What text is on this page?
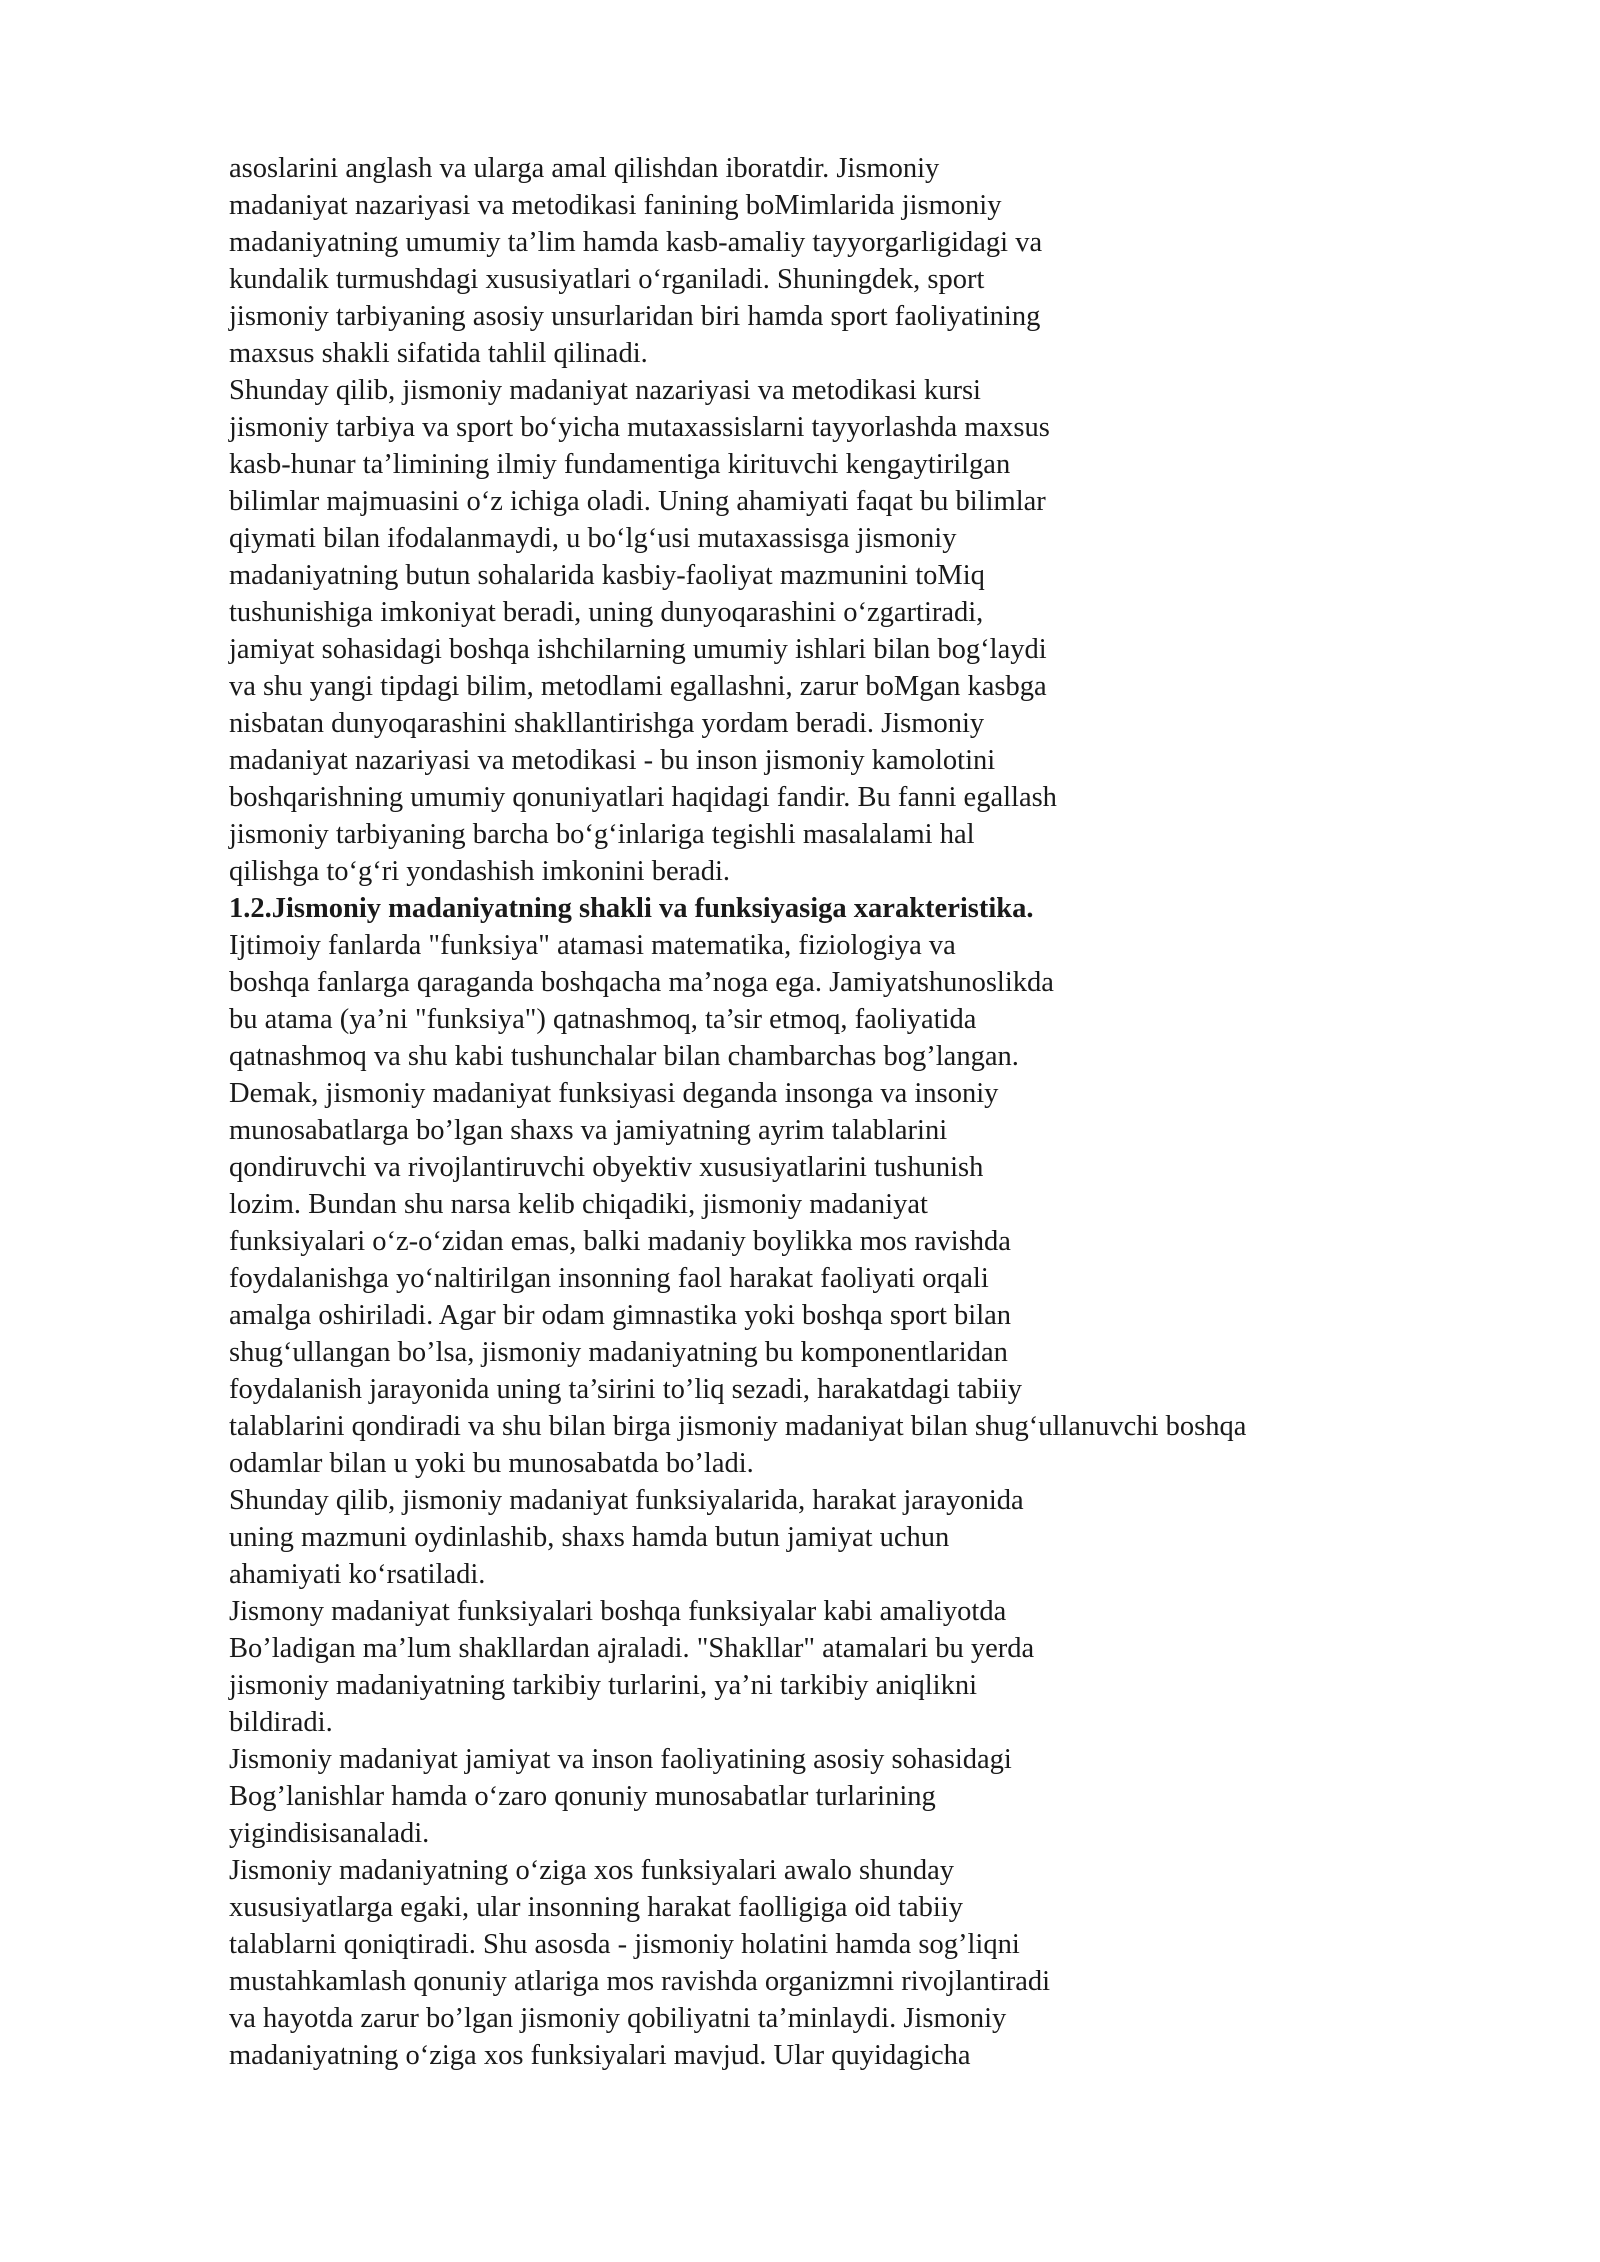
asoslarini anglash va ularga amal qilishdan iboratdir. Jismoniy
madaniyat nazariyasi va metodikasi fanining boMimlarida jismoniy
madaniyatning umumiy ta’lim hamda kasb-amaliy tayyorgarligidagi va
kundalik turmushdagi xususiyatlari o‘rganiladi. Shuningdek, sport
jismoniy tarbiyaning asosiy unsurlaridan biri hamda sport faoliyatining
maxsus shakli sifatida tahlil qilinadi.
Shunday qilib, jismoniy madaniyat nazariyasi va metodikasi kursi
jismoniy tarbiya va sport bo‘yicha mutaxassislarni tayyorlashda maxsus
kasb-hunar ta’limining ilmiy fundamentiga kirituvchi kengaytirilgan
bilimlar majmuasini o‘z ichiga oladi. Uning ahamiyati faqat bu bilimlar
qiymati bilan ifodalanmaydi, u bo‘lg‘usi mutaxassisga jismoniy
madaniyatning butun sohalarida kasbiy-faoliyat mazmunini toMiq
tushunishiga imkoniyat beradi, uning dunyoqarashini o‘zgartiradi,
jamiyat sohasidagi boshqa ishchilarning umumiy ishlari bilan bog‘laydi
va shu yangi tipdagi bilim, metodlami egallashni, zarur boMgan kasbga
nisbatan dunyoqarashini shakllantirishga yordam beradi. Jismoniy
madaniyat nazariyasi va metodikasi - bu inson jismoniy kamolotini
boshqarishning umumiy qonuniyatlari haqidagi fandir. Bu fanni egallash
jismoniy tarbiyaning barcha bo‘g‘inlariga tegishli masalalami hal
qilishga to‘g‘ri yondashish imkonini beradi.
1.2.Jismoniy madaniyatning shakli va funksiyasiga xarakteristika.
Ijtimoiy fanlarda "funksiya" atamasi matematika, fiziologiya va
boshqa fanlarga qaraganda boshqacha ma’noga ega. Jamiyatshunoslikda
bu atama (ya’ni "funksiya") qatnashmoq, ta’sir etmoq, faoliyatida
qatnashmoq va shu kabi tushunchalar bilan chambarchas bog’langan.
Demak, jismoniy madaniyat funksiyasi deganda insonga va insoniy
munosabatlarga bo’lgan shaxs va jamiyatning ayrim talablarini
qondiruvchi va rivojlantiruvchi obyektiv xususiyatlarini tushunish
lozim. Bundan shu narsa kelib chiqadiki, jismoniy madaniyat
funksiyalari o‘z-o‘zidan emas, balki madaniy boylikka mos ravishda
foydalanishga yo‘naltirilgan insonning faol harakat faoliyati orqali
amalga oshiriladi. Agar bir odam gimnastika yoki boshqa sport bilan
shug‘ullangan bo’lsa, jismoniy madaniyatning bu komponentlaridan
foydalanish jarayonida uning ta’sirini to’liq sezadi, harakatdagi tabiiy
talablarini qondiradi va shu bilan birga jismoniy madaniyat bilan shug‘ullanuvchi boshqa
odamlar bilan u yoki bu munosabatda bo’ladi.
Shunday qilib, jismoniy madaniyat funksiyalarida, harakat jarayonida
uning mazmuni oydinlashib, shaxs hamda butun jamiyat uchun
ahamiyati ko‘rsatiladi.
Jismony madaniyat funksiyalari boshqa funksiyalar kabi amaliyotda
Bo’ladigan ma’lum shakllardan ajraladi. "Shakllar" atamalari bu yerda
jismoniy madaniyatning tarkibiy turlarini, ya’ni tarkibiy aniqlikni
bildiradi.
Jismoniy madaniyat jamiyat va inson faoliyatining asosiy sohasidagi
Bog’lanishlar hamda o‘zaro qonuniy munosabatlar turlarining
yigindisisanaladi.
Jismoniy madaniyatning o‘ziga xos funksiyalari awalo shunday
xususiyatlarga egaki, ular insonning harakat faolligiga oid tabiiy
talablarni qoniqtiradi. Shu asosda - jismoniy holatini hamda sog’liqni
mustahkamlash qonuniy atlariga mos ravishda organizmni rivojlantiradi
va hayotda zarur bo’lgan jismoniy qobiliyatni ta’minlaydi. Jismoniy
madaniyatning o‘ziga xos funksiyalari mavjud. Ular quyidagicha
